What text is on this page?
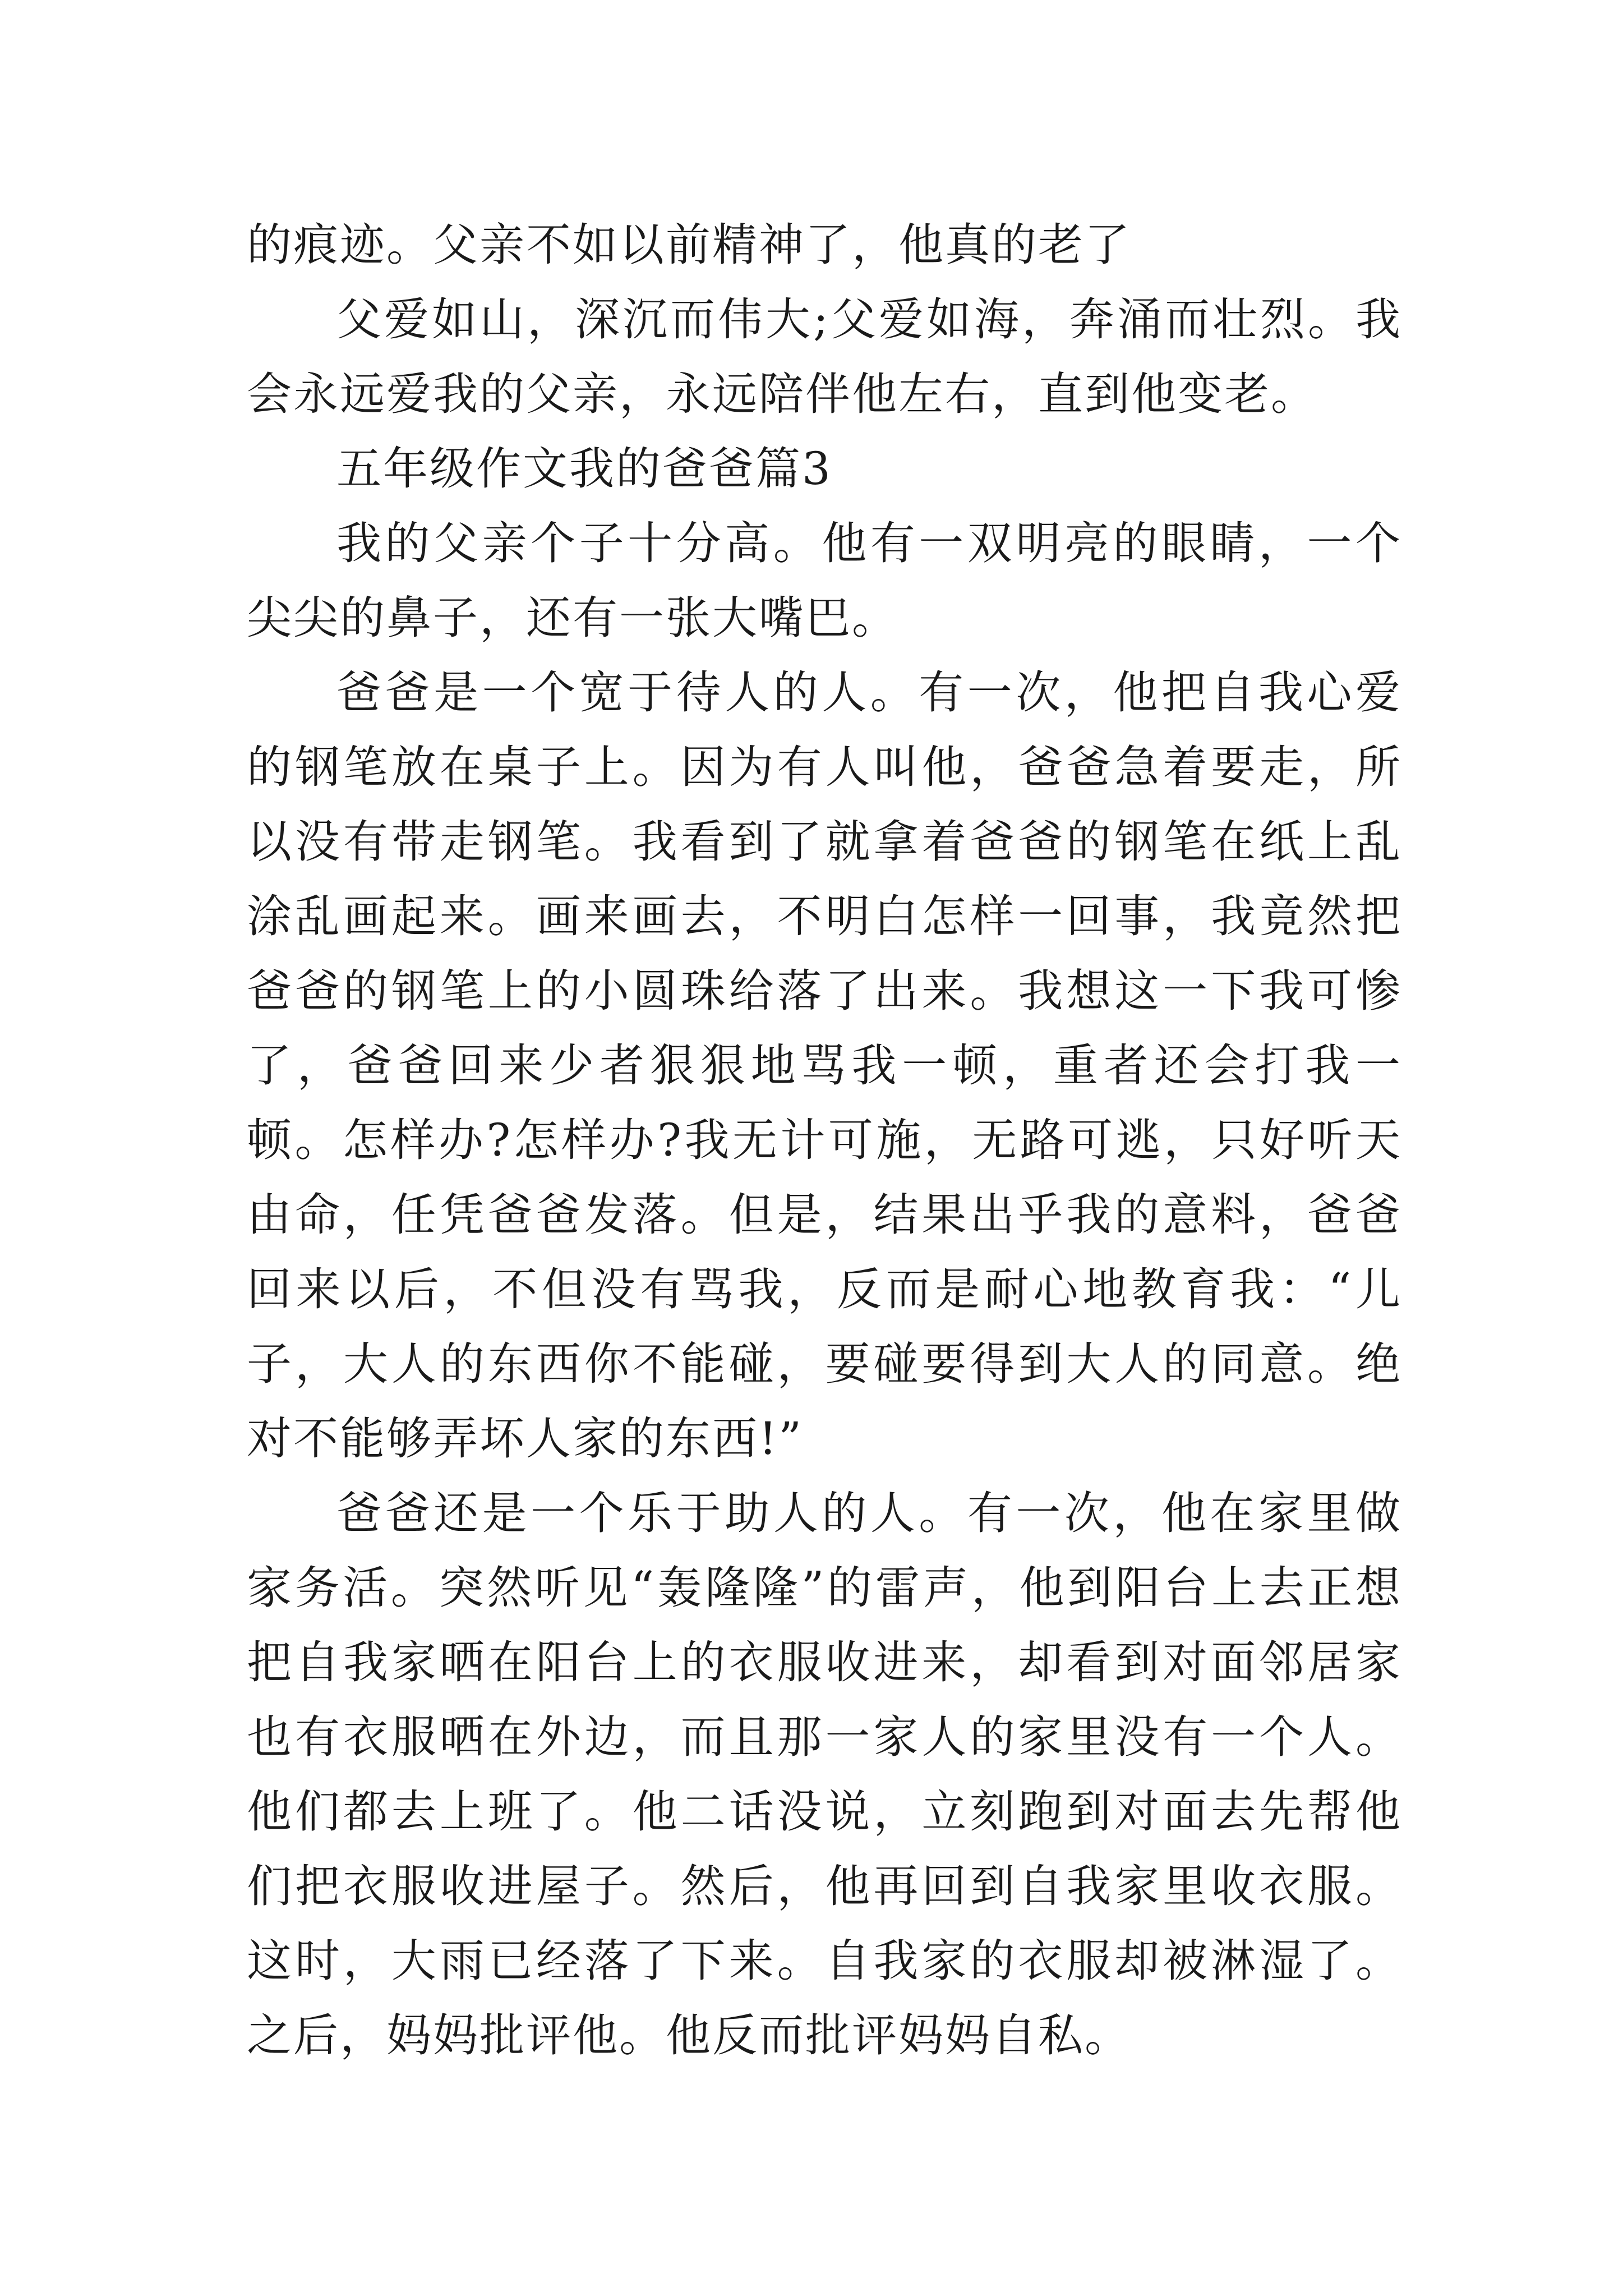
的痕迹。父亲不如以前精神了，他真的老了

父爱如山，深沉而伟大;父爱如海，奔涌而壮烈。我会永远爱我的父亲，永远陪伴他左右，直到他变老。

五年级作文我的爸爸篇3

我的父亲个子十分高。他有一双明亮的眼睛，一个尖尖的鼻子，还有一张大嘴巴。

爸爸是一个宽于待人的人。有一次，他把自我心爱的钢笔放在桌子上。因为有人叫他，爸爸急着要走，所以没有带走钢笔。我看到了就拿着爸爸的钢笔在纸上乱涂乱画起来。画来画去，不明白怎样一回事，我竟然把爸爸的钢笔上的小圆珠给落了出来。我想这一下我可惨了，爸爸回来少者狠狠地骂我一顿，重者还会打我一顿。怎样办?怎样办?我无计可施，无路可逃，只好听天由命，任凭爸爸发落。但是，结果出乎我的意料，爸爸回来以后，不但没有骂我，反而是耐心地教育我：“儿子，大人的东西你不能碰，要碰要得到大人的同意。绝对不能够弄坏人家的东西!”

爸爸还是一个乐于助人的人。有一次，他在家里做家务活。突然听见“轰隆隆”的雷声，他到阳台上去正想把自我家晒在阳台上的衣服收进来，却看到对面邻居家也有衣服晒在外边，而且那一家人的家里没有一个人。他们都去上班了。他二话没说，立刻跑到对面去先帮他们把衣服收进屋子。然后，他再回到自我家里收衣服。这时，大雨已经落了下来。自我家的衣服却被淋湿了。之后，妈妈批评他。他反而批评妈妈自私。
